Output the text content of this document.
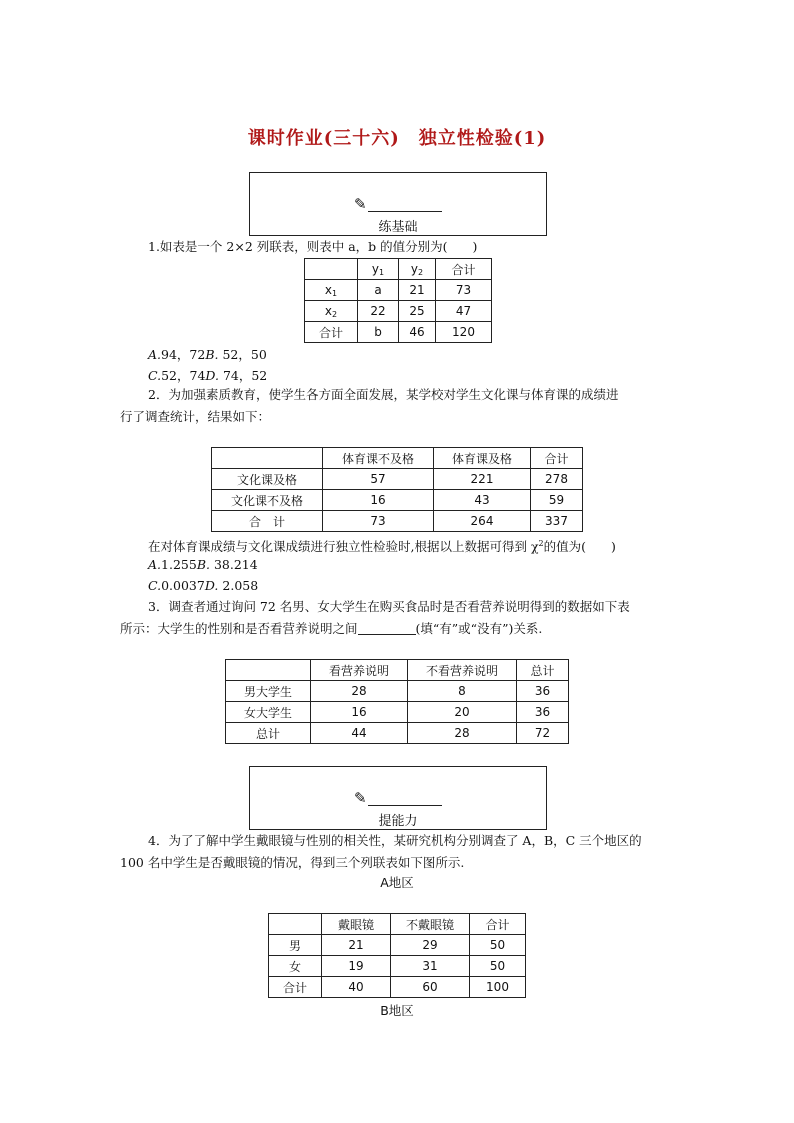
课时作业(三十六)　独立性检验(1)
✎
练基础
1.如表是一个 2×2 列联表，则表中 a，b 的值分别为(　　)
	$y_1$	$y_2$	合计
$x_1$	a	21	73
$x_2$	22	25	47
合计	b	46	120
A.94，72B. 52，50
C.52，74D. 74，52
2．为加强素质教育，使学生各方面全面发展，某学校对学生文化课与体育课的成绩进
行了调查统计，结果如下：
	体育课不及格	体育课及格	合计
文化课及格	57	221	278
文化课不及格	16	43	59
合　计	73	264	337
在对体育课成绩与文化课成绩进行独立性检验时,根据以上数据可得到 $\chi^2$的值为(　　)
A.1.255B. 38.214
C.0.0037D. 2.058
3．调查者通过询问 72 名男、女大学生在购买食品时是否看营养说明得到的数据如下表
所示：大学生的性别和是否看营养说明之间	(填“有”或“没有”)关系.
	看营养说明	不看营养说明	总计
男大学生	28	8	36
女大学生	16	20	36
总计	44	28	72
✎
提能力
4．为了了解中学生戴眼镜与性别的相关性，某研究机构分别调查了 A，B，C 三个地区的
100 名中学生是否戴眼镜的情况，得到三个列联表如下图所示.
A地区
	戴眼镜	不戴眼镜	合计
男	21	29	50
女	19	31	50
合计	40	60	100
B地区
